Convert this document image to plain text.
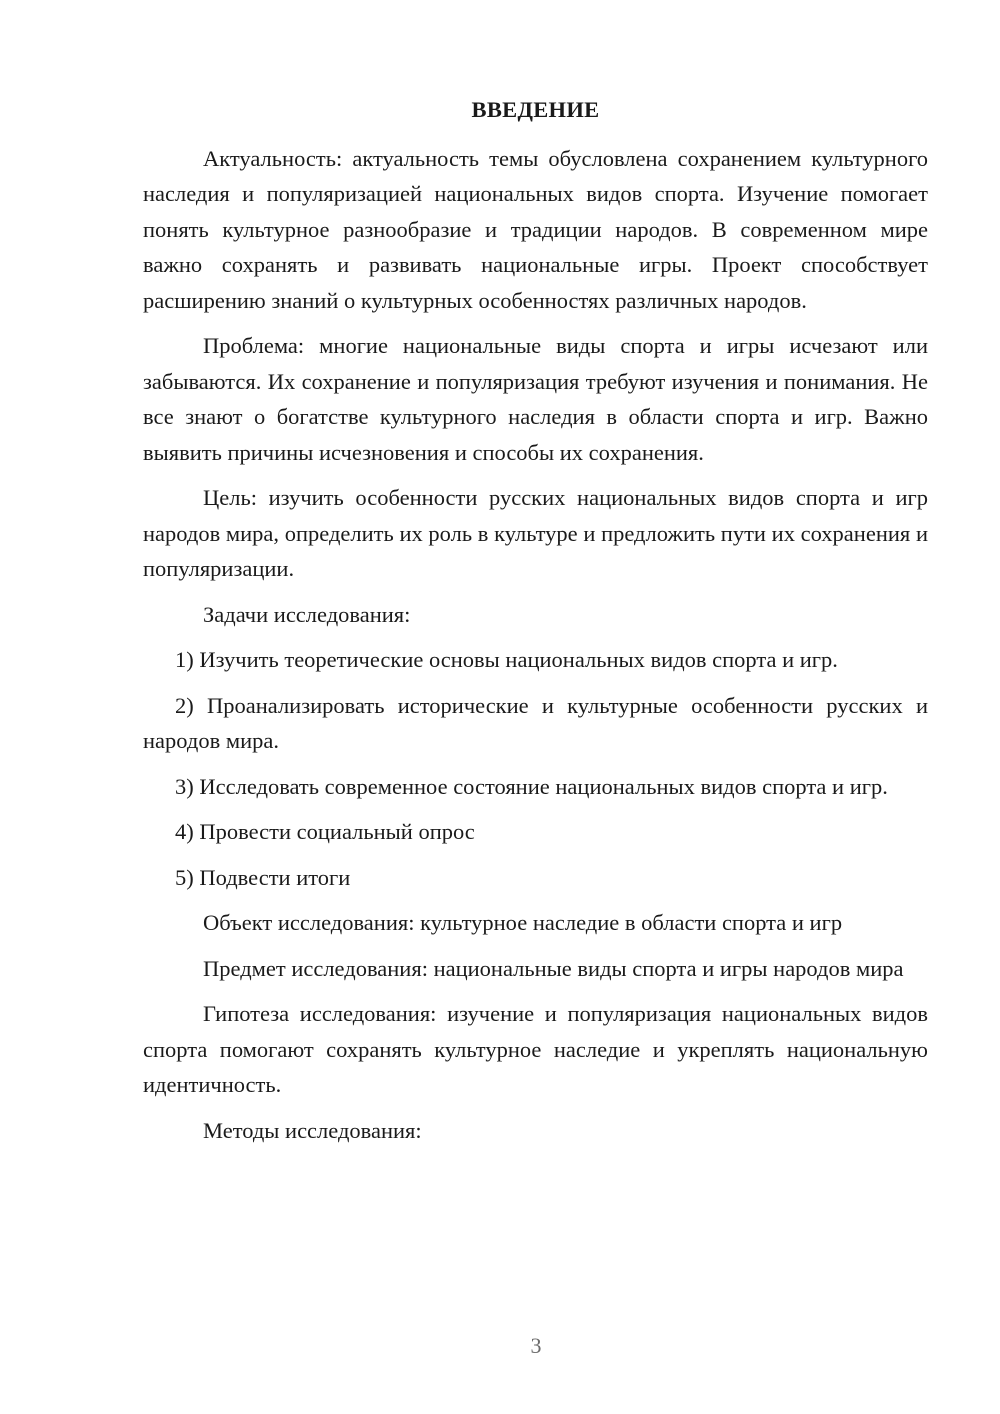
ВВЕДЕНИЕ

Актуальность: актуальность темы обусловлена сохранением культурного наследия и популяризацией национальных видов спорта. Изучение помогает понять культурное разнообразие и традиции народов. В современном мире важно сохранять и развивать национальные игры. Проект способствует расширению знаний о культурных особенностях различных народов.

Проблема: многие национальные виды спорта и игры исчезают или забываются. Их сохранение и популяризация требуют изучения и понимания. Не все знают о богатстве культурного наследия в области спорта и игр. Важно выявить причины исчезновения и способы их сохранения.

Цель: изучить особенности русских национальных видов спорта и игр народов мира, определить их роль в культуре и предложить пути их сохранения и популяризации.

Задачи исследования:

1) Изучить теоретические основы национальных видов спорта и игр.

2) Проанализировать исторические и культурные особенности русских и народов мира.

3) Исследовать современное состояние национальных видов спорта и игр.

4) Провести социальный опрос

5) Подвести итоги

Объект исследования: культурное наследие в области спорта и игр

Предмет исследования: национальные виды спорта и игры народов мира

Гипотеза исследования: изучение и популяризация национальных видов спорта помогают сохранять культурное наследие и укреплять национальную идентичность.

Методы исследования:

3
